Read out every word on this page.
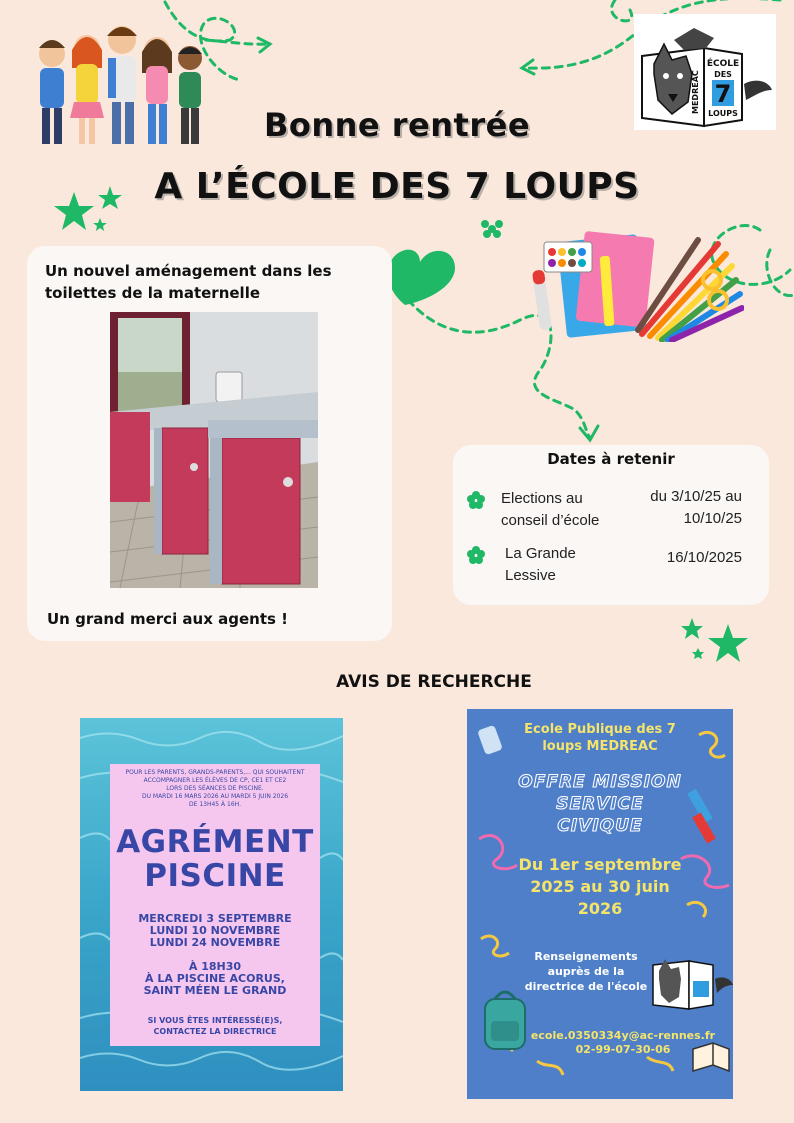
MEDREAC
ÉCOLE
DES
7
LOUPS
Bonne rentrée
A L’ÉCOLE DES 7 LOUPS
Un nouvel aménagement dans les toilettes de la maternelle
Un grand merci aux agents !
Dates à retenir
Elections au
conseil d’école
du 3/10/25 au
10/10/25
La Grande
Lessive
16/10/2025
AVIS DE RECHERCHE
POUR LES PARENTS, GRANDS-PARENTS,... QUI SOUHAITENT
ACCOMPAGNER LES ÉLÈVES DE CP, CE1 ET CE2
LORS DES SÉANCES DE PISCINE.
DU MARDI 16 MARS 2026 AU MARDI 5 JUIN 2026
DE 13H45 À 16H.
AGRÉMENT
PISCINE
MERCREDI 3 SEPTEMBRE
LUNDI 10 NOVEMBRE
LUNDI 24 NOVEMBRE
À 18H30
À LA PISCINE ACORUS,
SAINT MÉEN LE GRAND
SI VOUS ÊTES INTÉRESSÉ(E)S,
CONTACTEZ LA DIRECTRICE
Ecole Publique des 7
loups MEDREAC
OFFRE MISSION
SERVICE
CIVIQUE
Du 1er septembre
2025 au 30 juin
2026
Renseignements
auprès de la
directrice de l'école
ecole.0350334y@ac-rennes.fr
02-99-07-30-06
